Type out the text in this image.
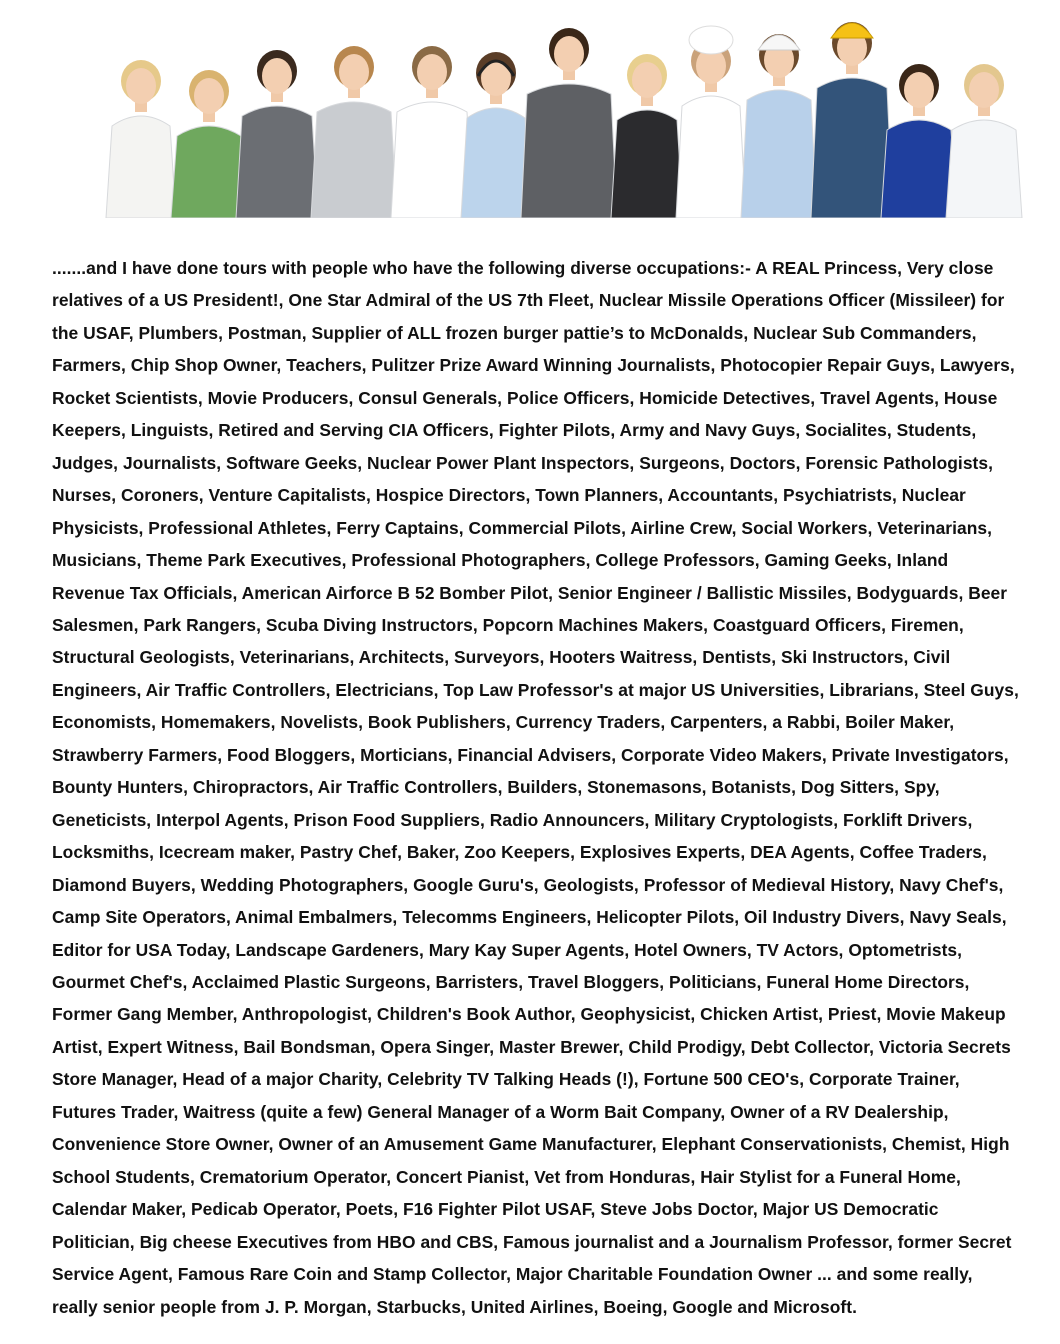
.......and I have done tours with people who have the following diverse occupations:- A REAL Princess, Very close
relatives of a US President!, One Star Admiral of the US 7th Fleet, Nuclear Missile Operations Officer (Missileer) for
the USAF, Plumbers, Postman, Supplier of ALL frozen burger pattie’s to McDonalds, Nuclear Sub Commanders,
Farmers, Chip Shop Owner, Teachers, Pulitzer Prize Award Winning Journalists, Photocopier Repair Guys, Lawyers,
Rocket Scientists, Movie Producers, Consul Generals, Police Officers, Homicide Detectives, Travel Agents, House
Keepers, Linguists, Retired and Serving CIA Officers, Fighter Pilots, Army and Navy Guys, Socialites, Students,
Judges, Journalists, Software Geeks, Nuclear Power Plant Inspectors, Surgeons, Doctors, Forensic Pathologists,
Nurses, Coroners, Venture Capitalists, Hospice Directors, Town Planners, Accountants, Psychiatrists, Nuclear
Physicists, Professional Athletes, Ferry Captains, Commercial Pilots, Airline Crew, Social Workers, Veterinarians,
Musicians, Theme Park Executives, Professional Photographers, College Professors, Gaming Geeks, Inland
Revenue Tax Officials, American Airforce B 52 Bomber Pilot, Senior Engineer / Ballistic Missiles, Bodyguards, Beer
Salesmen, Park Rangers, Scuba Diving Instructors, Popcorn Machines Makers, Coastguard Officers, Firemen,
Structural Geologists, Veterinarians, Architects, Surveyors, Hooters Waitress, Dentists, Ski Instructors, Civil
Engineers, Air Traffic Controllers, Electricians, Top Law Professor's at major US Universities, Librarians, Steel Guys,
Economists, Homemakers, Novelists, Book Publishers, Currency Traders, Carpenters, a Rabbi, Boiler Maker,
Strawberry Farmers, Food Bloggers, Morticians, Financial Advisers, Corporate Video Makers, Private Investigators,
Bounty Hunters, Chiropractors, Air Traffic Controllers, Builders, Stonemasons, Botanists, Dog Sitters, Spy,
Geneticists, Interpol Agents, Prison Food Suppliers, Radio Announcers, Military Cryptologists, Forklift Drivers,
Locksmiths, Icecream maker, Pastry Chef, Baker, Zoo Keepers, Explosives Experts, DEA Agents, Coffee Traders,
Diamond Buyers, Wedding Photographers, Google Guru's, Geologists, Professor of Medieval History, Navy Chef's,
Camp Site Operators, Animal Embalmers, Telecomms Engineers, Helicopter Pilots, Oil Industry Divers, Navy Seals,
Editor for USA Today, Landscape Gardeners, Mary Kay Super Agents, Hotel Owners, TV Actors, Optometrists,
Gourmet Chef's, Acclaimed Plastic Surgeons, Barristers, Travel Bloggers, Politicians, Funeral Home Directors,
Former Gang Member, Anthropologist, Children's Book Author, Geophysicist, Chicken Artist, Priest, Movie Makeup
Artist, Expert Witness, Bail Bondsman, Opera Singer, Master Brewer, Child Prodigy, Debt Collector, Victoria Secrets
Store Manager, Head of a major Charity, Celebrity TV Talking Heads (!), Fortune 500 CEO's, Corporate Trainer,
Futures Trader, Waitress (quite a few) General Manager of a Worm Bait Company, Owner of a RV Dealership,
Convenience Store Owner, Owner of an Amusement Game Manufacturer, Elephant Conservationists, Chemist, High
School Students, Crematorium Operator, Concert Pianist, Vet from Honduras, Hair Stylist for a Funeral Home,
Calendar Maker, Pedicab Operator, Poets, F16 Fighter Pilot USAF, Steve Jobs Doctor, Major US Democratic
Politician, Big cheese Executives from HBO and CBS, Famous journalist and a Journalism Professor, former Secret
Service Agent, Famous Rare Coin and Stamp Collector, Major Charitable Foundation Owner ... and some really,
really senior people from J. P. Morgan, Starbucks, United Airlines, Boeing, Google and Microsoft.
